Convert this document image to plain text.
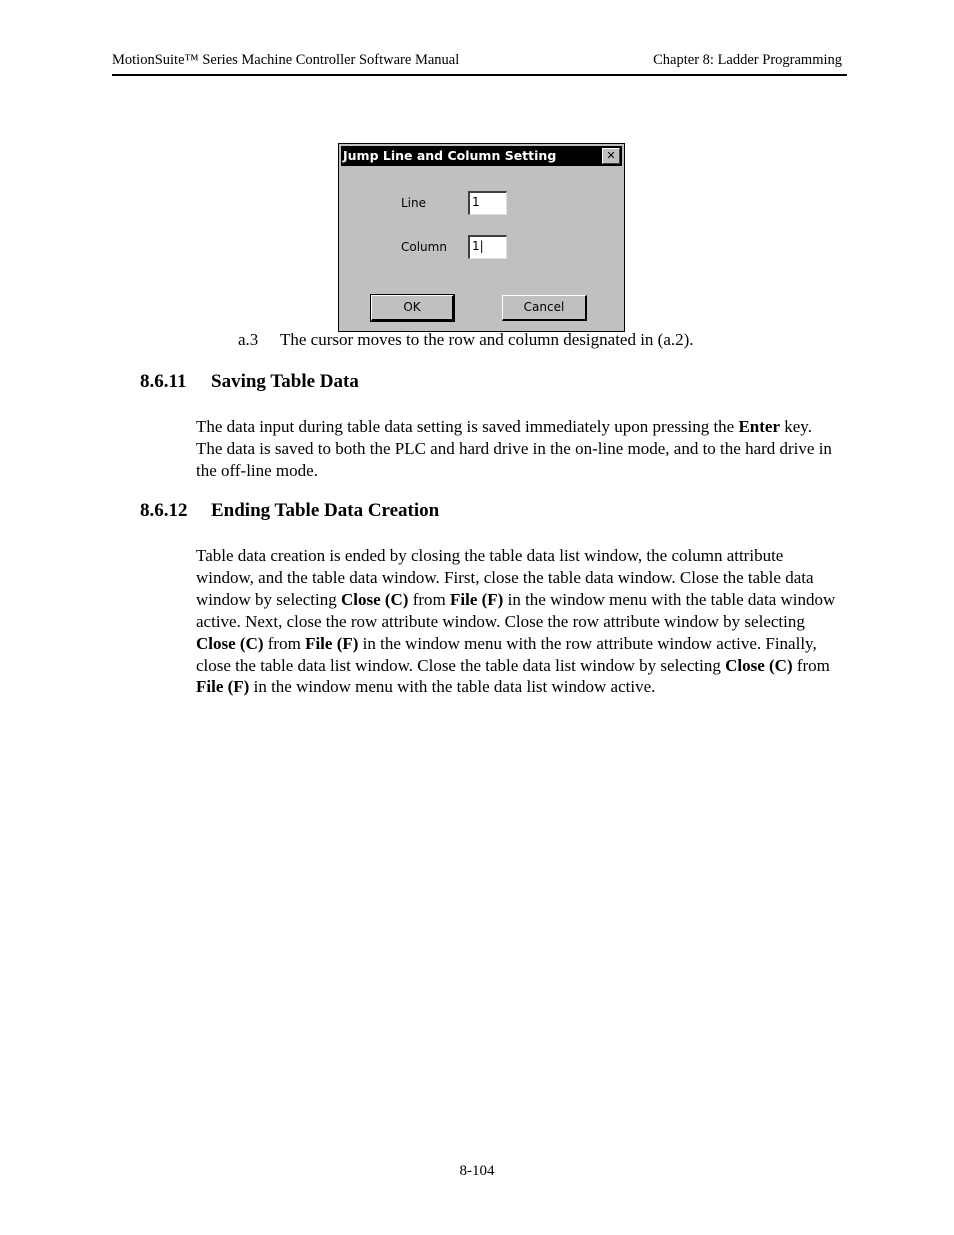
MotionSuite™ Series Machine Controller Software Manual	Chapter 8: Ladder Programming
Jump Line and Column Setting	✕
Line	1
Column	1|
OK	Cancel
a.3 The cursor moves to the row and column designated in (a.2).
8.6.11 Saving Table Data
The data input during table data setting is saved immediately upon pressing the Enter key. The data is saved to both the PLC and hard drive in the on-line mode, and to the hard drive in the off-line mode.
8.6.12 Ending Table Data Creation
Table data creation is ended by closing the table data list window, the column attribute window, and the table data window. First, close the table data window. Close the table data window by selecting Close (C) from File (F) in the window menu with the table data window active. Next, close the row attribute window. Close the row attribute window by selecting Close (C) from File (F) in the window menu with the row attribute window active. Finally, close the table data list window. Close the table data list window by selecting Close (C) from File (F) in the window menu with the table data list window active.
8-104
